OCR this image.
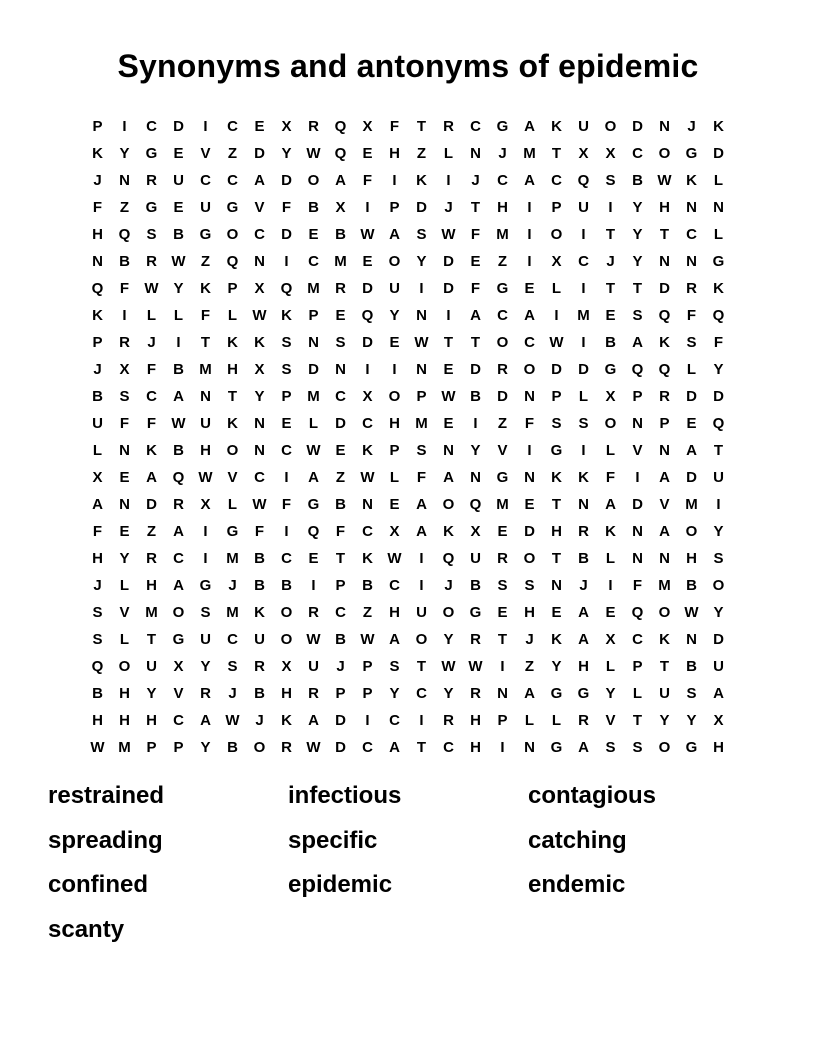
Synonyms and antonyms of epidemic
P	I	C	D	I	C	E	X	R	Q	X	F	T	R	C	G	A	K	U	O	D	N	J	K
K	Y	G	E	V	Z	D	Y W Q	E	H	Z	L	N	J	M	T	X	X	C	O	G	D
J	N	R	U	C	C	A	D	O	A	F	I	K	I	J	C	A	C	Q	S	B W K	L
F	Z	G	E	U	G	V	F	B	X	I	P	D	J	T	H	I	P	U	I	Y	H	N	N
H	Q	S	B	G	O	C	D	E	B W A	S W	F	M	I	O	I	T	Y	T	C	L
N	B	R W	Z	Q	N	I	C	M	E	O	Y	D	E	Z	I	X	C	J	Y	N	N	G
Q	F	W Y	K	P	X	Q M	R	D	U	I	D	F	G	E	L	I	T	T	D	R	K
K	I	L	L	F	L	W K	P	E	Q	Y	N	I	A	C	A	I	M	E	S	Q	F	Q
P	R	J	I	T	K	K	S	N	S	D	E W	T	T	O	C W	I	B	A	K	S	F
J	X	F	B	M	H	X	S	D	N	I	I	N	E	D	R	O	D	D	G	Q	Q	L	Y
B	S	C	A	N	T	Y	P	M	C	X	O	P W B	D	N	P	L	X	P	R	D	D
U	F	F	W U	K	N	E	L	D	C	H	M	E	I	Z	F	S	S	O	N	P	E	Q
L	N	K	B	H	O	N	C W E	K	P	S	N	Y	V	I	G	I	L	V	N	A	T
X	E	A	Q W V	C	I	A	Z	W	L	F	A	N	G	N	K	K	F	I	A	D	U
A	N	D	R	X	L	W	F	G	B	N	E	A	O	Q M	E	T	N	A	D	V	M	I
F	E	Z	A	I	G	F	I	Q	F	C	X	A	K	X	E	D	H	R	K	N	A	O	Y
H	Y	R	C	I	M	B	C	E	T	K W	I	Q	U	R	O	T	B	L	N	N	H	S
J	L	H	A	G	J	B	B	I	P	B	C	I	J	B	S	S	N	J	I	F	M	B	O
S	V	M O	S	M	K	O	R	C	Z	H	U	O	G	E	H	E	A	E	Q	O W Y
S	L	T	G	U	C	U	O W B W A	O	Y	R	T	J	K	A	X	C	K	N	D
Q	O	U	X	Y	S	R	X	U	J	P	S	T	W W	I	Z	Y	H	L	P	T	B	U
B	H	Y	V	R	J	B	H	R	P	P	Y	C	Y	R	N	A	G	G	Y	L	U	S	A
H	H	H	C	A W	J	K	A	D	I	C	I	R	H	P	L	L	R	V	T	Y	Y	X
W M	P	P	Y	B	O	R W D	C	A	T	C	H	I	N	G	A	S	S	O	G	H
restrained	infectious	contagious
spreading	specific	catching
confined	epidemic	endemic
scanty
